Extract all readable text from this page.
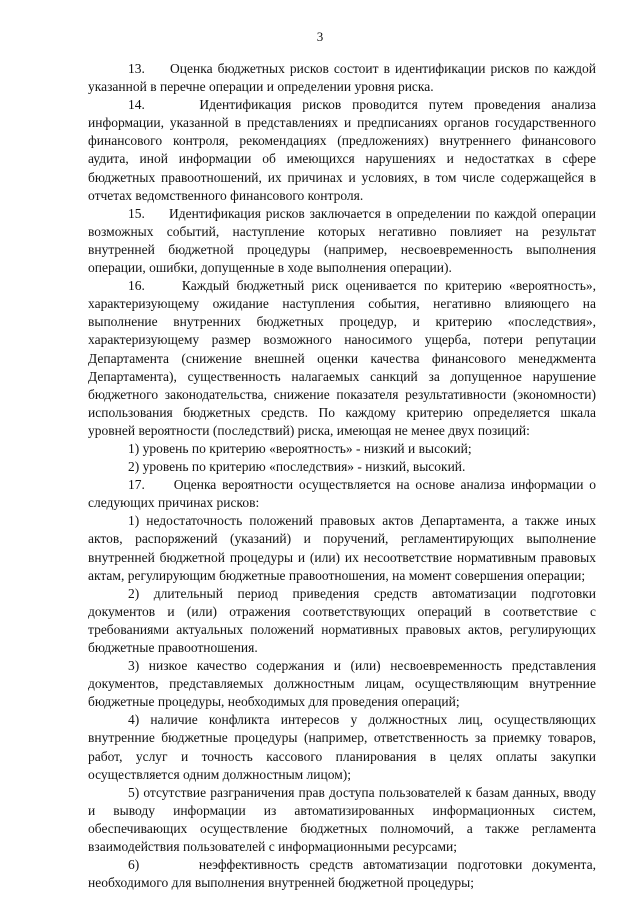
3

13.     Оценка бюджетных рисков состоит в идентификации рисков по каждой указанной в перечне операции и определении уровня риска.

14.     Идентификация рисков проводится путем проведения анализа информации, указанной в представлениях и предписаниях органов государственного финансового контроля, рекомендациях (предложениях) внутреннего финансового аудита, иной информации об имеющихся нарушениях и недостатках в сфере бюджетных правоотношений, их причинах и условиях, в том числе содержащейся в отчетах ведомственного финансового контроля.

15.     Идентификация рисков заключается в определении по каждой операции возможных событий, наступление которых негативно повлияет на результат внутренней бюджетной процедуры (например, несвоевременность выполнения операции, ошибки, допущенные в ходе выполнения операции).

16.     Каждый бюджетный риск оценивается по критерию «вероятность», характеризующему ожидание наступления события, негативно влияющего на выполнение внутренних бюджетных процедур, и критерию «последствия», характеризующему размер возможного наносимого ущерба, потери репутации Департамента (снижение внешней оценки качества финансового менеджмента Департамента), существенность налагаемых санкций за допущенное нарушение бюджетного законодательства, снижение показателя результативности (экономности) использования бюджетных средств. По каждому критерию определяется шкала уровней вероятности (последствий) риска, имеющая не менее двух позиций:

1) уровень по критерию «вероятность» - низкий и высокий;

2) уровень по критерию «последствия» - низкий, высокий.

17.     Оценка вероятности осуществляется на основе анализа информации о следующих причинах рисков:

1) недостаточность положений правовых актов Департамента, а также иных актов, распоряжений (указаний) и поручений, регламентирующих выполнение внутренней бюджетной процедуры и (или) их несоответствие нормативным правовых актам, регулирующим бюджетные правоотношения, на момент совершения операции;

2) длительный период приведения средств автоматизации подготовки документов и (или) отражения соответствующих операций в соответствие с требованиями актуальных положений нормативных правовых актов, регулирующих бюджетные правоотношения.

3) низкое качество содержания и (или) несвоевременность представления документов, представляемых должностным лицам, осуществляющим внутренние бюджетные процедуры, необходимых для проведения операций;

4) наличие конфликта интересов у должностных лиц, осуществляющих внутренние бюджетные процедуры (например, ответственность за приемку товаров, работ, услуг и точность кассового планирования в целях оплаты закупки осуществляется одним должностным лицом);

5) отсутствие разграничения прав доступа пользователей к базам данных, вводу и выводу информации из автоматизированных информационных систем, обеспечивающих осуществление бюджетных полномочий, а также регламента взаимодействия пользователей с информационными ресурсами;

6)      неэффективность средств автоматизации подготовки документа, необходимого для выполнения внутренней бюджетной процедуры;
